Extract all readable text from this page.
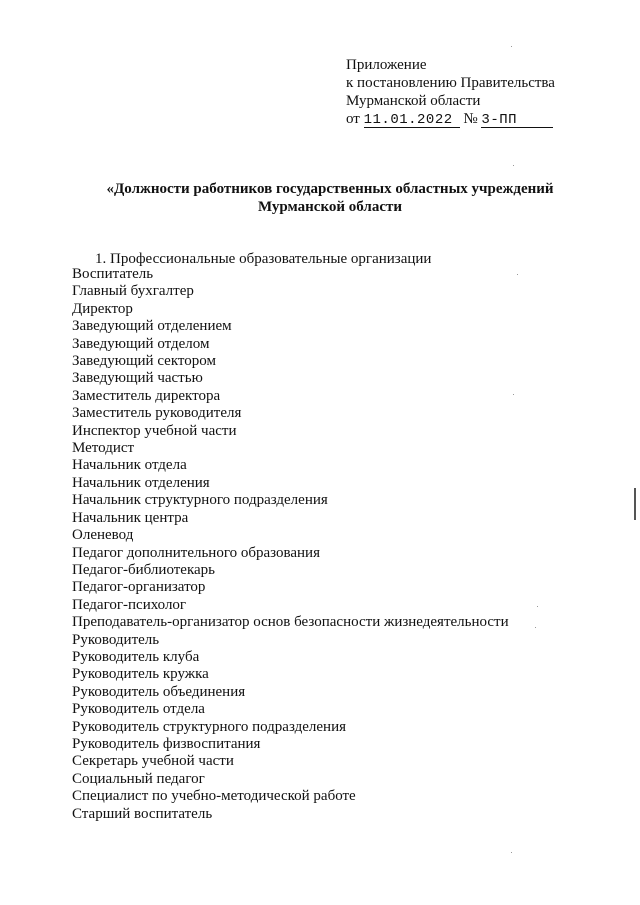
Приложение
к постановлению Правительства
Мурманской области
от 11.01.2022 № 3-ПП
«Должности работников государственных областных учреждений
Мурманской области
1. Профессиональные образовательные организации
Воспитатель
Главный бухгалтер
Директор
Заведующий отделением
Заведующий отделом
Заведующий сектором
Заведующий частью
Заместитель директора
Заместитель руководителя
Инспектор учебной части
Методист
Начальник отдела
Начальник отделения
Начальник структурного подразделения
Начальник центра
Оленевод
Педагог дополнительного образования
Педагог-библиотекарь
Педагог-организатор
Педагог-психолог
Преподаватель-организатор основ безопасности жизнедеятельности
Руководитель
Руководитель клуба
Руководитель кружка
Руководитель объединения
Руководитель отдела
Руководитель структурного подразделения
Руководитель физвоспитания
Секретарь учебной части
Социальный педагог
Специалист по учебно-методической работе
Старший воспитатель
